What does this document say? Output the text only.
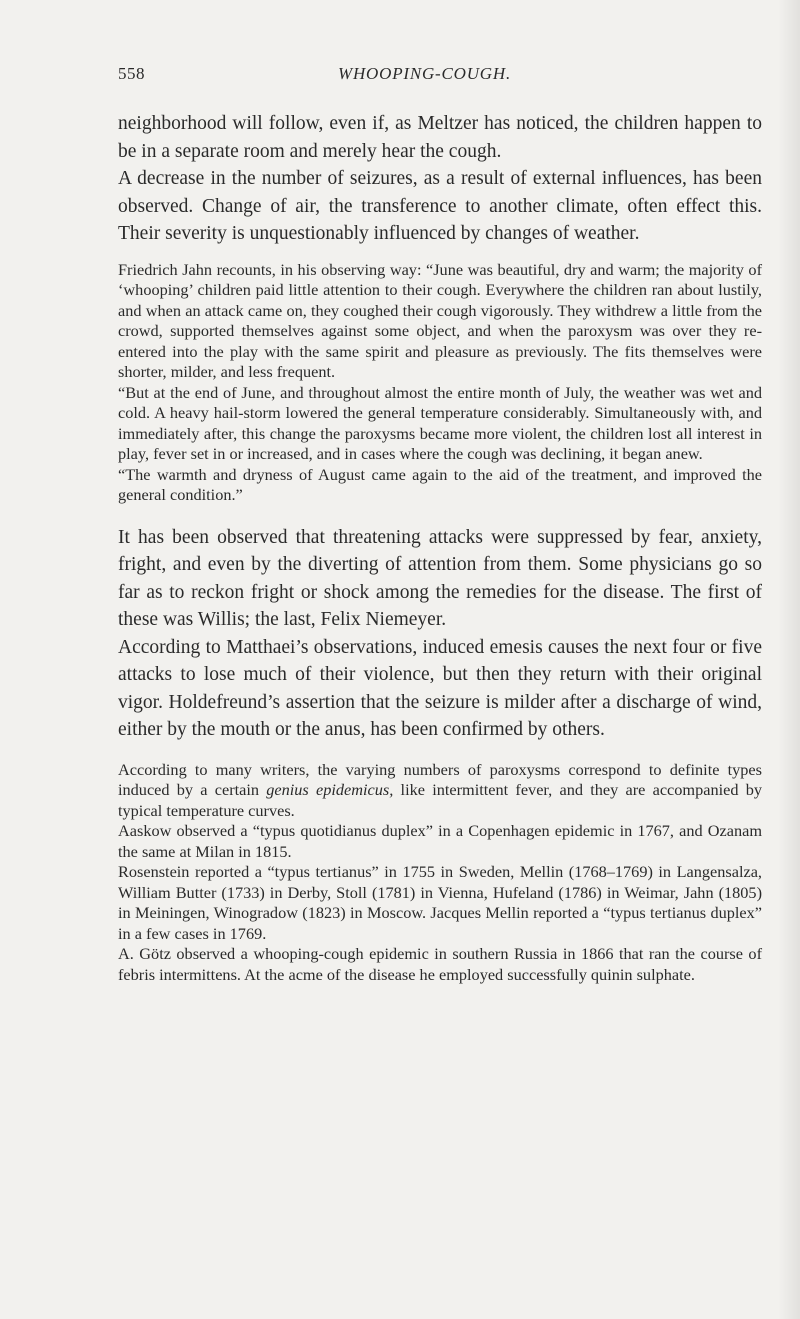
558	WHOOPING-COUGH.

neighborhood will follow, even if, as Meltzer has noticed, the children happen to be in a separate room and merely hear the cough.

A decrease in the number of seizures, as a result of external influences, has been observed. Change of air, the transference to another climate, often effect this. Their severity is unquestionably influenced by changes of weather.

Friedrich Jahn recounts, in his observing way: “June was beautiful, dry and warm; the majority of ‘whooping’ children paid little attention to their cough. Everywhere the children ran about lustily, and when an attack came on, they coughed their cough vigorously. They withdrew a little from the crowd, supported themselves against some object, and when the paroxysm was over they re-entered into the play with the same spirit and pleasure as previously. The fits themselves were shorter, milder, and less frequent.

“But at the end of June, and throughout almost the entire month of July, the weather was wet and cold. A heavy hail-storm lowered the general temperature considerably. Simultaneously with, and immediately after, this change the paroxysms became more violent, the children lost all interest in play, fever set in or increased, and in cases where the cough was declining, it began anew.

“The warmth and dryness of August came again to the aid of the treatment, and improved the general condition.”

It has been observed that threatening attacks were suppressed by fear, anxiety, fright, and even by the diverting of attention from them. Some physicians go so far as to reckon fright or shock among the remedies for the disease. The first of these was Willis; the last, Felix Niemeyer.

According to Matthaei’s observations, induced emesis causes the next four or five attacks to lose much of their violence, but then they return with their original vigor. Holdefreund’s assertion that the seizure is milder after a discharge of wind, either by the mouth or the anus, has been confirmed by others.

According to many writers, the varying numbers of paroxysms correspond to definite types induced by a certain genius epidemicus, like intermittent fever, and they are accompanied by typical temperature curves.

Aaskow observed a “typus quotidianus duplex” in a Copenhagen epidemic in 1767, and Ozanam the same at Milan in 1815.

Rosenstein reported a “typus tertianus” in 1755 in Sweden, Mellin (1768–1769) in Langensalza, William Butter (1733) in Derby, Stoll (1781) in Vienna, Hufeland (1786) in Weimar, Jahn (1805) in Meiningen, Winogradow (1823) in Moscow. Jacques Mellin reported a “typus tertianus duplex” in a few cases in 1769.

A. Götz observed a whooping-cough epidemic in southern Russia in 1866 that ran the course of febris intermittens. At the acme of the disease he employed successfully quinin sulphate.
